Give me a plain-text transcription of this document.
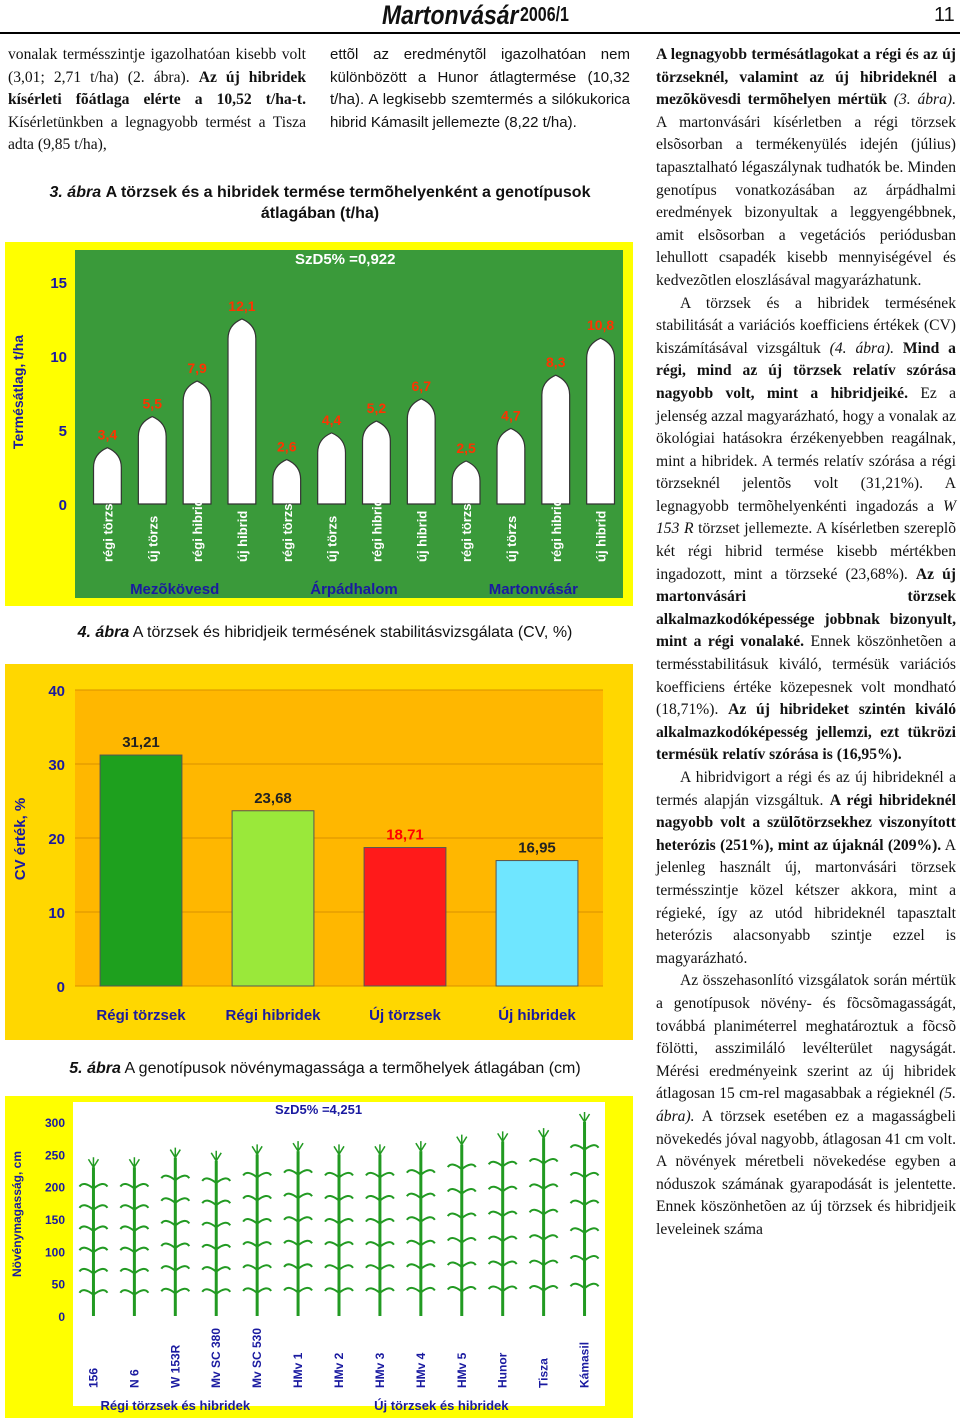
Martonvásár 2006/1	11

vonalak termésszintje igazolhatóan kisebb volt (3,01; 2,71 t/ha) (2. ábra). Az új hibridek kísérleti fõátlaga elérte a 10,52 t/ha-t. Kísérletünkben a legnagyobb termést a Tisza adta (9,85 t/ha),

ettõl az eredménytõl igazolhatóan nem különbözött a Hunor átlagtermése (10,32 t/ha). A legkisebb szemtermés a silókukorica hibrid Kámasilt jellemezte (8,22 t/ha).

3. ábra A törzsek és a hibridek termése termõhelyenként a genotípusok átlagában (t/ha)
0
5
10
15
Termésátlag, t/ha
SzD5% =0,922
3,4
régi törzs
5,5
új törzs
7,9
régi hibrid
12,1
új hibrid
2,6
régi törzs
4,4
új törzs
5,2
régi hibrid
6,7
új hibrid
2,5
régi törzs
4,7
új törzs
8,3
régi hibrid
10,8
új hibrid
Mezõkövesd	Árpádhalom	Martonvásár
4. ábra A törzsek és hibridjeik termésének stabilitásvizsgálata (CV, %)
0
10
20
30
40
CV érték, %
31,21
Régi törzsek
23,68
Régi hibridek
18,71
Új törzsek
16,95
Új hibridek
5. ábra A genotípusok növénymagassága a termõhelyek átlagában (cm)
0
50
100
150
200
250
300
Növénymagasság, cm
SzD5% =4,251
156 N 6 W 153R Mv SC 380 Mv SC 530 HMv 1 HMv 2 HMv 3 HMv 4 HMv 5 Hunor Tisza Kámasil
Régi törzsek és hibridek	Új törzsek és hibridek

A legnagyobb termésátlagokat a régi és az új törzseknél, valamint az új hibrideknél a mezõkövesdi termõhelyen mértük (3. ábra). A martonvásári kísérletben a régi törzsek elsõsorban a termékenyülés idején (július) tapasztalható légaszálynak tudhatók be. Minden genotípus vonatkozásában az árpádhalmi eredmények bizonyultak a leggyengébbnek, amit elsõsorban a vegetációs periódusban lehullott csapadék kisebb mennyiségével és kedvezõtlen eloszlásával magyarázhatunk.

A törzsek és a hibridek termésének stabilitását a variációs koefficiens értékek (CV) kiszámításával vizsgáltuk (4. ábra). Mind a régi, mind az új törzsek relatív szórása nagyobb volt, mint a hibridjeiké. Ez a jelenség azzal magyarázható, hogy a vonalak az ökológiai hatásokra érzékenyebben reagálnak, mint a hibridek. A termés relatív szórása a régi törzseknél jelentõs volt (31,21%). A legnagyobb termõhelyenkénti ingadozás a W 153 R törzset jellemezte. A kísérletben szereplõ két régi hibrid termése kisebb mértékben ingadozott, mint a törzseké (23,68%). Az új martonvásári törzsek alkalmazkodóképessége jobbnak bizonyult, mint a régi vonalaké. Ennek köszönhetõen a termésstabilitásuk kiváló, termésük variációs koefficiens értéke közepesnek volt mondható (18,71%). Az új hibrideket szintén kiváló alkalmazkodóképesség jellemzi, ezt tükrözi termésük relatív szórása is (16,95%).

A hibridvigort a régi és az új hibrideknél a termés alapján vizsgáltuk. A régi hibrideknél nagyobb volt a szülõtörzsekhez viszonyított heterózis (251%), mint az újaknál (209%). A jelenleg használt új, martonvásári törzsek termésszintje közel kétszer akkora, mint a régieké, így az utód hibrideknél tapasztalt heterózis alacsonyabb szintje ezzel is magyarázható.

Az összehasonlító vizsgálatok során mértük a genotípusok növény- és fõcsõmagasságát, továbbá planiméterrel meghatároztuk a fõcsõ fölötti, asszimiláló levélterület nagyságát. Mérési eredményeink szerint az új hibridek átlagosan 15 cm-rel magasabbak a régieknél (5. ábra). A törzsek esetében ez a magasságbeli növekedés jóval nagyobb, átlagosan 41 cm volt. A növények méretbeli növekedése egyben a nóduszok számának gyarapodását is jelentette. Ennek köszönhetõen az új törzsek és hibridjeik leveleinek száma
